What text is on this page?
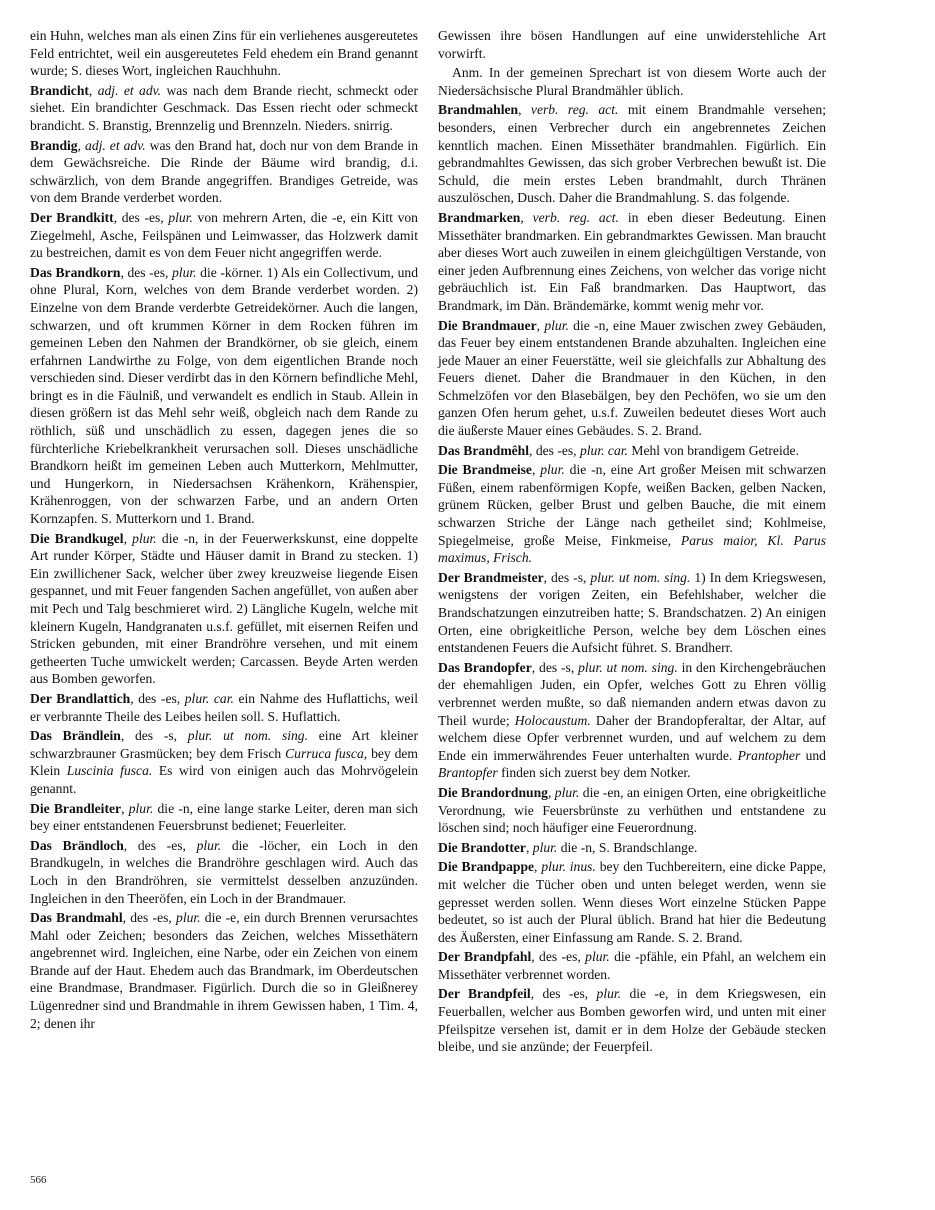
ein Huhn, welches man als einen Zins für ein verliehenes ausgereutetes Feld entrichtet, weil ein ausgereutetes Feld ehedem ein Brand genannt wurde; S. dieses Wort, ingleichen Rauchhuhn.

Brandicht, adj. et adv. was nach dem Brande riecht, schmeckt oder siehet. Ein brandichter Geschmack. Das Essen riecht oder schmeckt brandicht. S. Branstig, Brennzelig und Brennzeln. Nieders. snirrig.

Brandig, adj. et adv. was den Brand hat, doch nur von dem Brande in dem Gewächsreiche. Die Rinde der Bäume wird brandig, d.i. schwärzlich, von dem Brande angegriffen. Brandiges Getreide, was von dem Brande verderbet worden.

Der Brandkitt, des -es, plur. von mehrern Arten, die -e, ein Kitt von Ziegelmehl, Asche, Feilspänen und Leimwasser, das Holzwerk damit zu bestreichen, damit es von dem Feuer nicht angegriffen werde.

Das Brandkorn, des -es, plur. die -körner. 1) Als ein Collectivum, und ohne Plural, Korn, welches von dem Brande verderbet worden. 2) Einzelne von dem Brande verderbte Getreidekörner. Auch die langen, schwarzen, und oft krummen Körner in dem Rocken führen im gemeinen Leben den Nahmen der Brandkörner, ob sie gleich, einem erfahrnen Landwirthe zu Folge, von dem eigentlichen Brande noch verschieden sind. Dieser verdirbt das in den Körnern befindliche Mehl, bringt es in die Fäulniß, und verwandelt es endlich in Staub. Allein in diesen größern ist das Mehl sehr weiß, obgleich nach dem Rande zu röthlich, süß und unschädlich zu essen, dagegen jenes die so fürchterliche Kriebelkrankheit verursachen soll. Dieses unschädliche Brandkorn heißt im gemeinen Leben auch Mutterkorn, Mehlmutter, und Hungerkorn, in Niedersachsen Krähenkorn, Krähenspier, Krähenroggen, von der schwarzen Farbe, und an andern Orten Kornzapfen. S. Mutterkorn und 1. Brand.

Die Brandkugel, plur. die -n, in der Feuerwerkskunst, eine doppelte Art runder Körper, Städte und Häuser damit in Brand zu stecken. 1) Ein zwillichener Sack, welcher über zwey kreuzweise liegende Eisen gespannet, und mit Feuer fangenden Sachen angefüllet, von außen aber mit Pech und Talg beschmieret wird. 2) Längliche Kugeln, welche mit kleinern Kugeln, Handgranaten u.s.f. gefüllet, mit eisernen Reifen und Stricken gebunden, mit einer Brandröhre versehen, und mit einem getheerten Tuche umwickelt werden; Carcassen. Beyde Arten werden aus Bomben geworfen.

Der Brandlattich, des -es, plur. car. ein Nahme des Huflattichs, weil er verbrannte Theile des Leibes heilen soll. S. Huflattich.

Das Brändlein, des -s, plur. ut nom. sing. eine Art kleiner schwarzbrauner Grasmücken; bey dem Frisch Curruca fusca, bey dem Klein Luscinia fusca. Es wird von einigen auch das Mohrvögelein genannt.

Die Brandleiter, plur. die -n, eine lange starke Leiter, deren man sich bey einer entstandenen Feuersbrunst bedienet; Feuerleiter.

Das Brändloch, des -es, plur. die -löcher, ein Loch in den Brandkugeln, in welches die Brandröhre geschlagen wird. Auch das Loch in den Brandröhren, sie vermittelst desselben anzuzünden. Ingleichen in den Theeröfen, ein Loch in der Brandmauer.

Das Brandmahl, des -es, plur. die -e, ein durch Brennen verursachtes Mahl oder Zeichen; besonders das Zeichen, welches Missethätern angebrennet wird. Ingleichen, eine Narbe, oder ein Zeichen von einem Brande auf der Haut. Ehedem auch das Brandmark, im Oberdeutschen eine Brandmase, Brandmaser. Figürlich. Durch die so in Gleißnerey Lügenredner sind und Brandmahle in ihrem Gewissen haben, 1 Tim. 4, 2; denen ihr

Gewissen ihre bösen Handlungen auf eine unwiderstehliche Art vorwirft.

Anm. In der gemeinen Sprechart ist von diesem Worte auch der Niedersächsische Plural Brandmähler üblich.

Brandmahlen, verb. reg. act. mit einem Brandmahle versehen; besonders, einen Verbrecher durch ein angebrennetes Zeichen kenntlich machen. Einen Missethäter brandmahlen. Figürlich. Ein gebrandmahltes Gewissen, das sich grober Verbrechen bewußt ist. Die Schuld, die mein erstes Leben brandmahlt, durch Thränen auszulöschen, Dusch. Daher die Brandmahlung. S. das folgende.

Brandmarken, verb. reg. act. in eben dieser Bedeutung. Einen Missethäter brandmarken. Ein gebrandmarktes Gewissen. Man braucht aber dieses Wort auch zuweilen in einem gleichgültigen Verstande, von einer jeden Aufbrennung eines Zeichens, von welcher das vorige nicht gebräuchlich ist. Ein Faß brandmarken. Das Hauptwort, das Brandmark, im Dän. Brändemärke, kommt wenig mehr vor.

Die Brandmauer, plur. die -n, eine Mauer zwischen zwey Gebäuden, das Feuer bey einem entstandenen Brande abzuhalten. Ingleichen eine jede Mauer an einer Feuerstätte, weil sie gleichfalls zur Abhaltung des Feuers dienet. Daher die Brandmauer in den Küchen, in den Schmelzöfen vor den Blasebälgen, bey den Pechöfen, wo sie um den ganzen Ofen herum gehet, u.s.f. Zuweilen bedeutet dieses Wort auch die äußerste Mauer eines Gebäudes. S. 2. Brand.

Das Brandmêhl, des -es, plur. car. Mehl von brandigem Getreide.

Die Brandmeise, plur. die -n, eine Art großer Meisen mit schwarzen Füßen, einem rabenförmigen Kopfe, weißen Backen, gelben Nacken, grünem Rücken, gelber Brust und gelben Bauche, die mit einem schwarzen Striche der Länge nach getheilet sind; Kohlmeise, Spiegelmeise, große Meise, Finkmeise, Parus maior, Kl. Parus maximus, Frisch.

Der Brandmeister, des -s, plur. ut nom. sing. 1) In dem Kriegswesen, wenigstens der vorigen Zeiten, ein Befehlshaber, welcher die Brandschatzungen einzutreiben hatte; S. Brandschatzen. 2) An einigen Orten, eine obrigkeitliche Person, welche bey dem Löschen eines entstandenen Feuers die Aufsicht führet. S. Brandherr.

Das Brandopfer, des -s, plur. ut nom. sing. in den Kirchengebräuchen der ehemahligen Juden, ein Opfer, welches Gott zu Ehren völlig verbrennet werden mußte, so daß niemanden andern etwas davon zu Theil wurde; Holocaustum. Daher der Brandopferaltar, der Altar, auf welchem diese Opfer verbrennet wurden, und auf welchem zu dem Ende ein immerwährendes Feuer unterhalten wurde. Prantopher und Brantopfer finden sich zuerst bey dem Notker.

Die Brandordnung, plur. die -en, an einigen Orten, eine obrigkeitliche Verordnung, wie Feuersbrünste zu verhüthen und entstandene zu löschen sind; noch häufiger eine Feuerordnung.

Die Brandotter, plur. die -n, S. Brandschlange.

Die Brandpappe, plur. inus. bey den Tuchbereitern, eine dicke Pappe, mit welcher die Tücher oben und unten beleget werden, wenn sie gepresset werden sollen. Wenn dieses Wort einzelne Stücken Pappe bedeutet, so ist auch der Plural üblich. Brand hat hier die Bedeutung des Äußersten, einer Einfassung am Rande. S. 2. Brand.

Der Brandpfahl, des -es, plur. die -pfähle, ein Pfahl, an welchem ein Missethäter verbrennet worden.

Der Brandpfeil, des -es, plur. die -e, in dem Kriegswesen, ein Feuerballen, welcher aus Bomben geworfen wird, und unten mit einer Pfeilspitze versehen ist, damit er in dem Holze der Gebäude stecken bleibe, und sie anzünde; der Feuerpfeil.

566
